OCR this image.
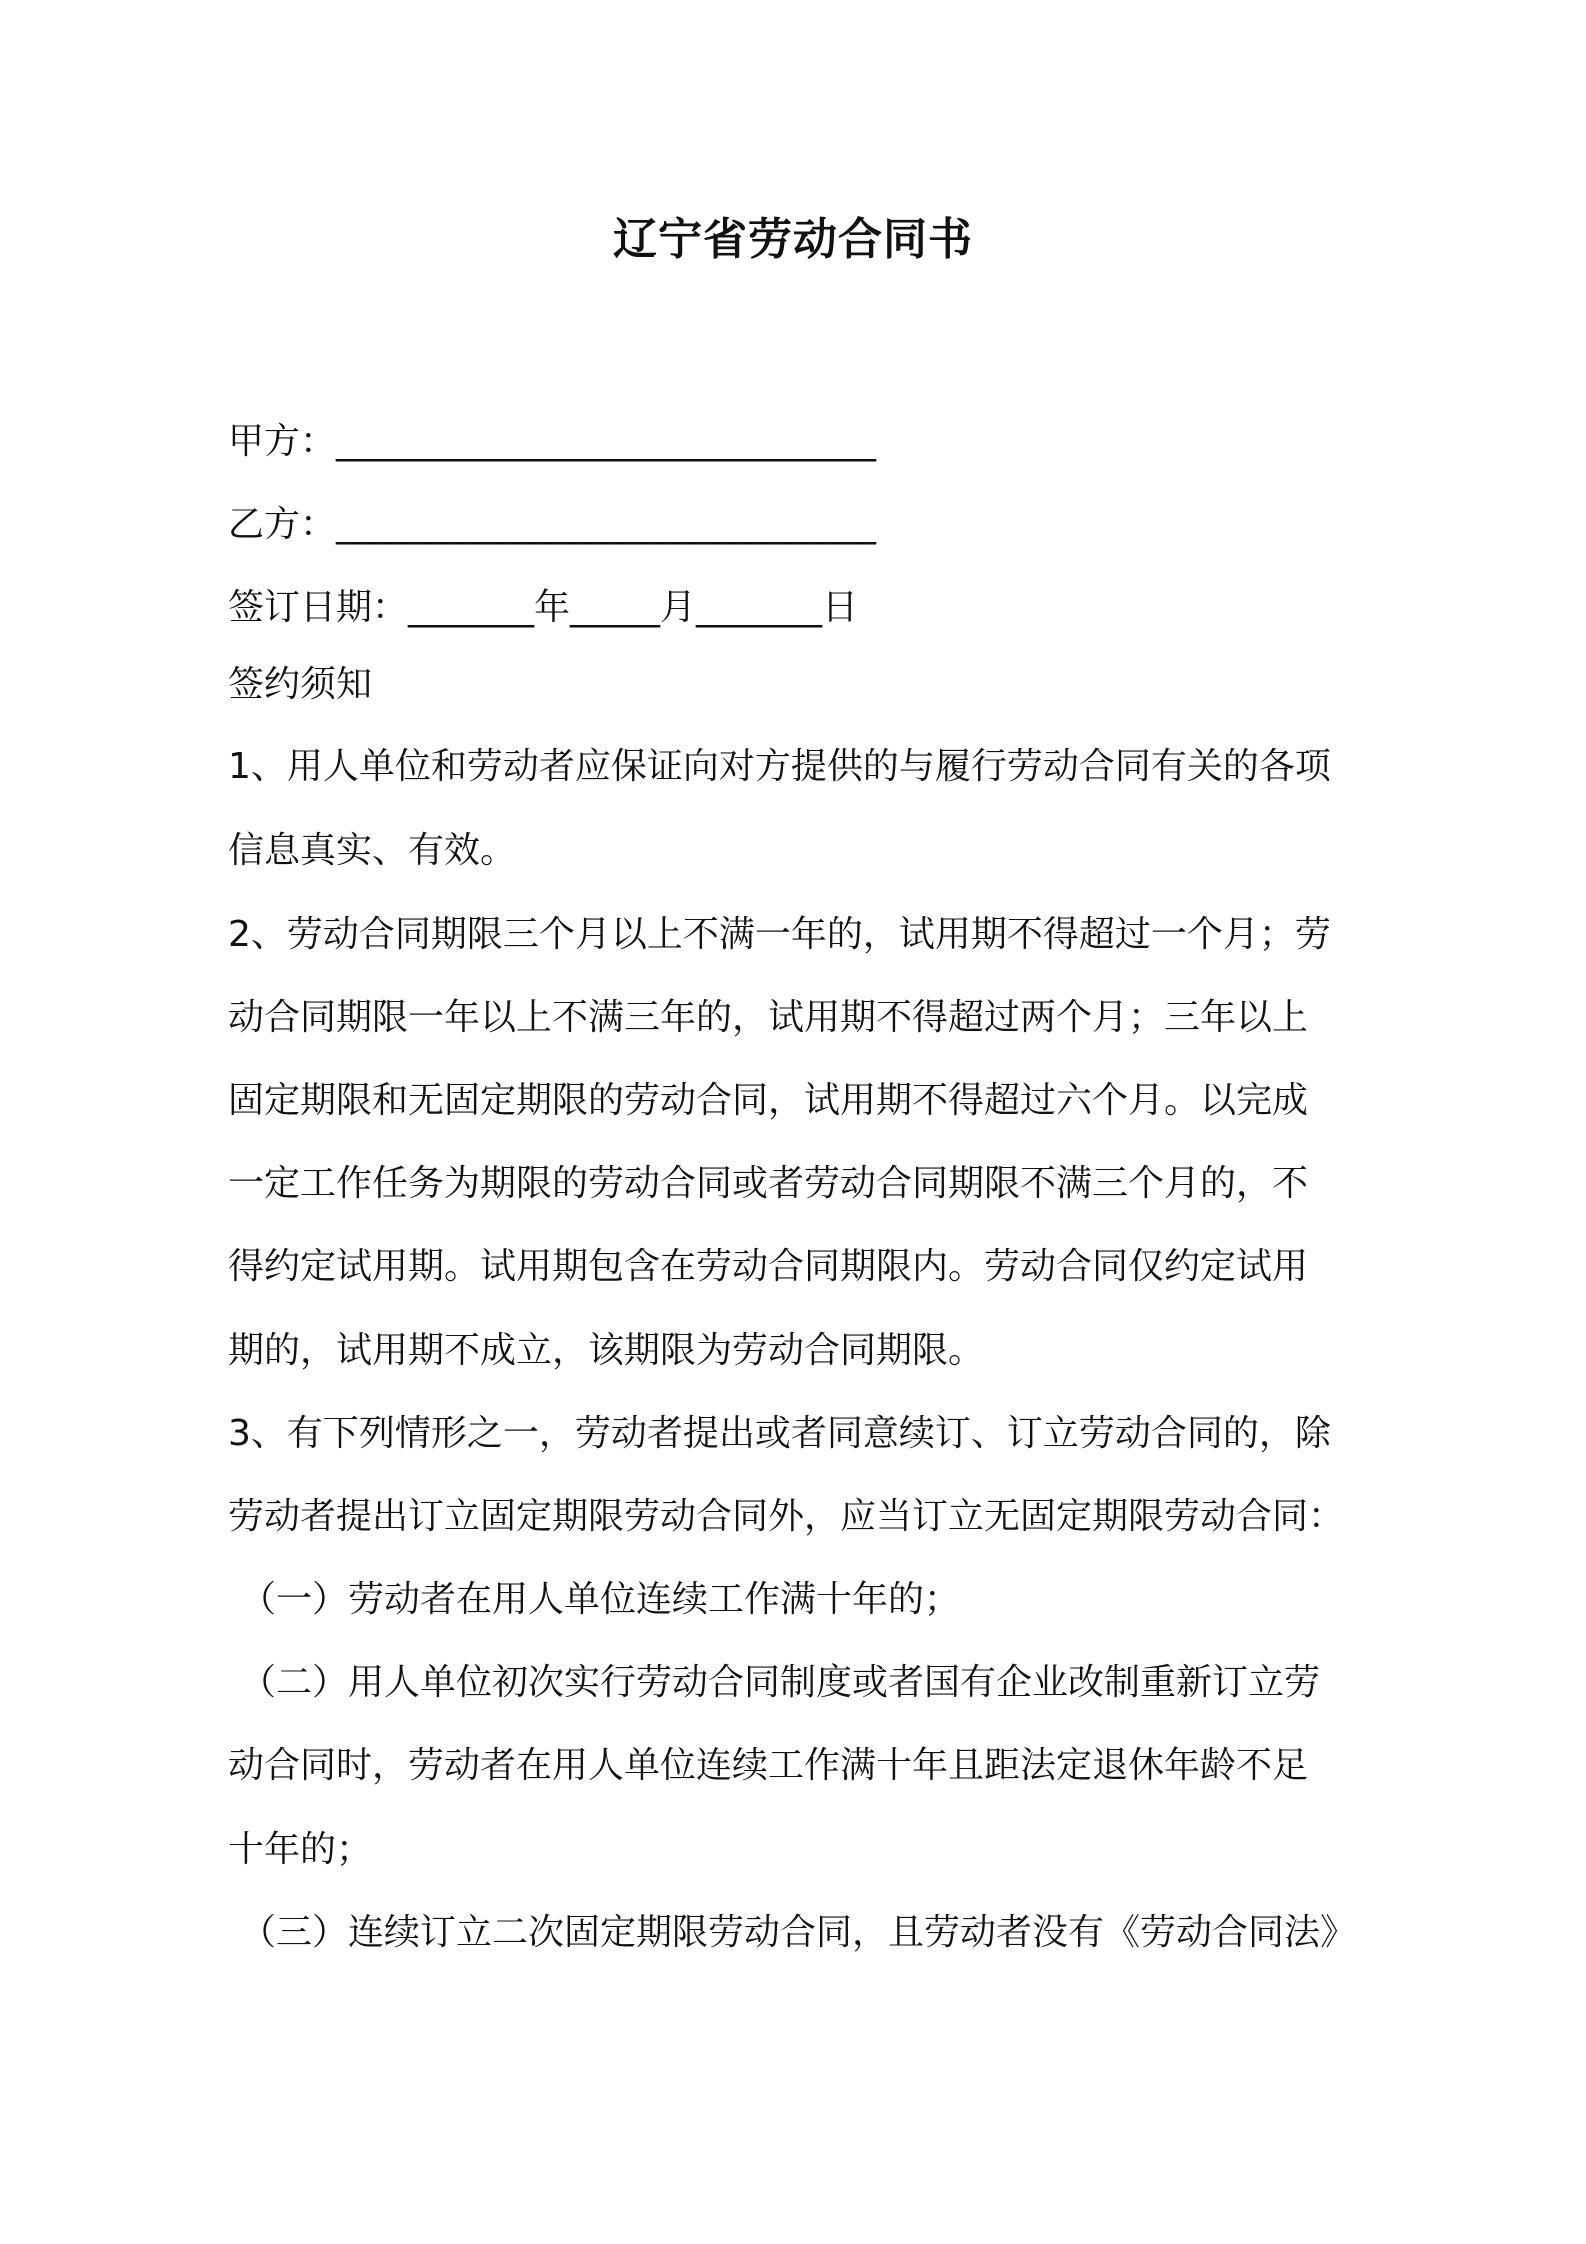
辽宁省劳动合同书
甲方：______________________________
乙方：______________________________
签订日期：_______年_____月_______日
签约须知
1、用人单位和劳动者应保证向对方提供的与履行劳动合同有关的各项
信息真实、有效。
2、劳动合同期限三个月以上不满一年的，试用期不得超过一个月；劳
动合同期限一年以上不满三年的，试用期不得超过两个月；三年以上
固定期限和无固定期限的劳动合同，试用期不得超过六个月。以完成
一定工作任务为期限的劳动合同或者劳动合同期限不满三个月的，不
得约定试用期。试用期包含在劳动合同期限内。劳动合同仅约定试用
期的，试用期不成立，该期限为劳动合同期限。
3、有下列情形之一，劳动者提出或者同意续订、订立劳动合同的，除
劳动者提出订立固定期限劳动合同外，应当订立无固定期限劳动合同：
（一）劳动者在用人单位连续工作满十年的；
（二）用人单位初次实行劳动合同制度或者国有企业改制重新订立劳
动合同时，劳动者在用人单位连续工作满十年且距法定退休年龄不足
十年的；
（三）连续订立二次固定期限劳动合同，且劳动者没有《劳动合同法》
